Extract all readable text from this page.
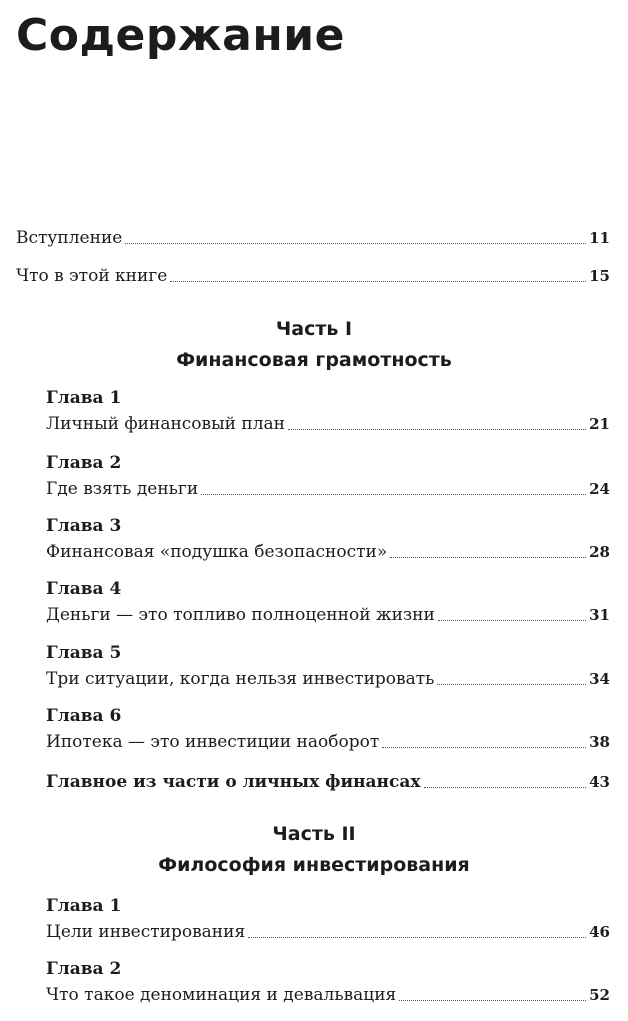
Содержание
Вступление	11
Что в этой книге	15
Часть I
Финансовая грамотность
Глава 1
Личный финансовый план	21
Глава 2
Где взять деньги	24
Глава 3
Финансовая «подушка безопасности»	28
Глава 4
Деньги — это топливо полноценной жизни	31
Глава 5
Три ситуации, когда нельзя инвестировать	34
Глава 6
Ипотека — это инвестиции наоборот	38
Главное из части о личных финансах	43
Часть II
Философия инвестирования
Глава 1
Цели инвестирования	46
Глава 2
Что такое деноминация и девальвация	52
